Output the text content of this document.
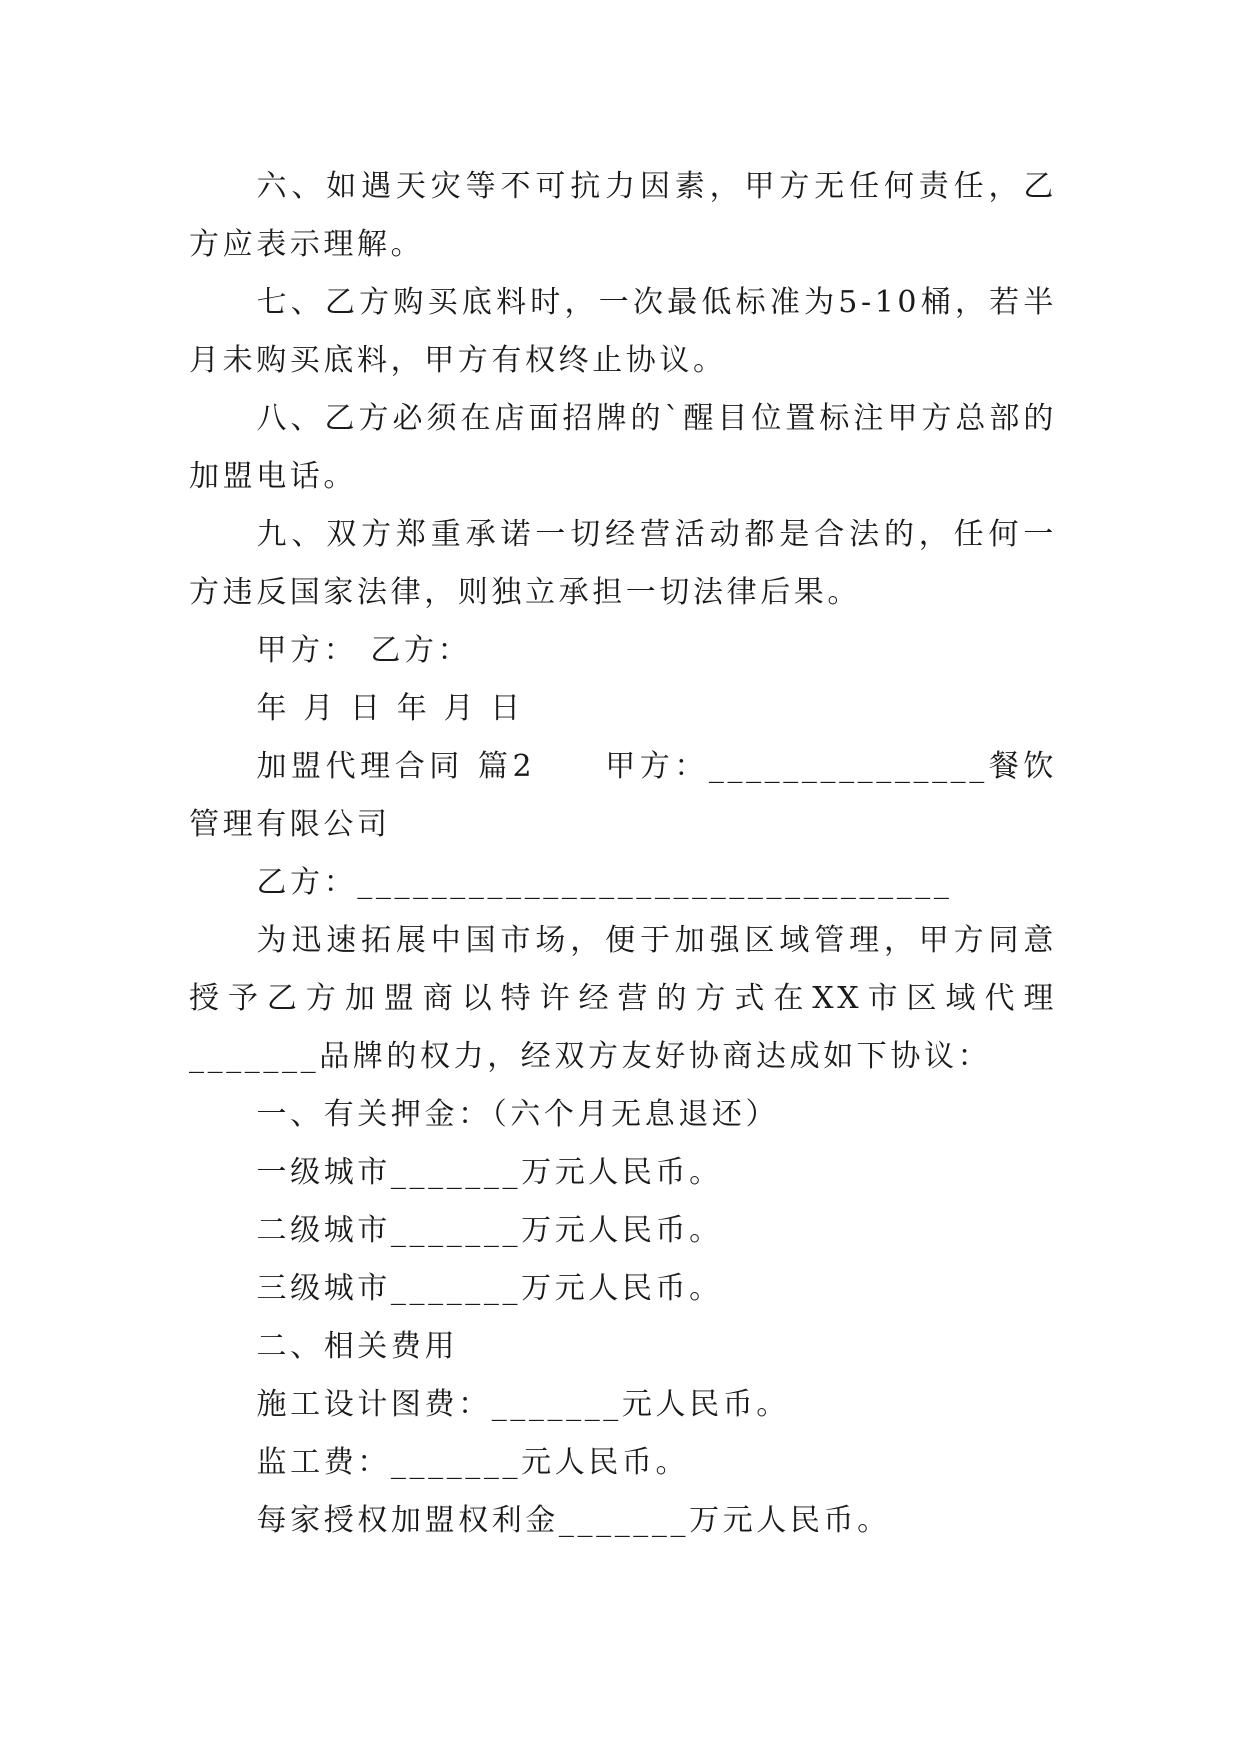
六、如遇天灾等不可抗力因素，甲方无任何责任，乙方应表示理解。

七、乙方购买底料时，一次最低标准为5-10桶，若半月未购买底料，甲方有权终止协议。

八、乙方必须在店面招牌的`醒目位置标注甲方总部的加盟电话。

九、双方郑重承诺一切经营活动都是合法的，任何一方违反国家法律，则独立承担一切法律后果。

甲方： 乙方：

年 月 日 年 月 日

加盟代理合同 篇2　　甲方：_______________餐饮管理有限公司

乙方：________________________________

为迅速拓展中国市场，便于加强区域管理，甲方同意授予乙方加盟商以特许经营的方式在XX市区域代理_______品牌的权力，经双方友好协商达成如下协议：

一、有关押金：（六个月无息退还）

一级城市_______万元人民币。

二级城市_______万元人民币。

三级城市_______万元人民币。

二、相关费用

施工设计图费：_______元人民币。

监工费：_______元人民币。

每家授权加盟权利金_______万元人民币。
